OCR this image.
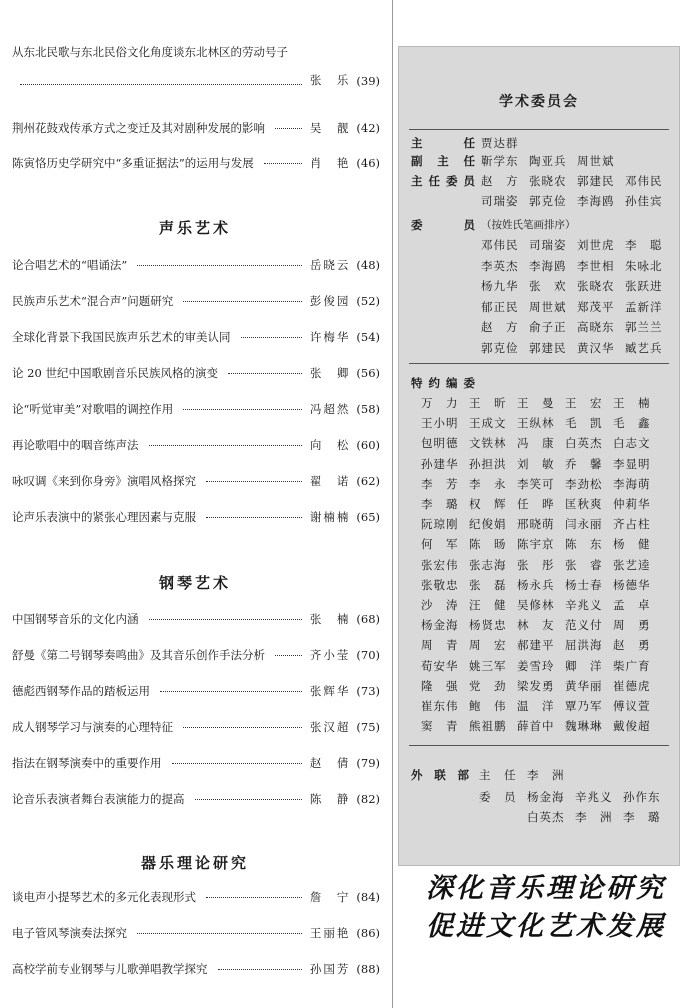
从东北民歌与东北民俗文化角度谈东北林区的劳动号子
张　乐 (39)
荆州花鼓戏传承方式之变迁及其对剧种发展的影响	吴　靓 (42)
陈寅恪历史学研究中“多重证据法”的运用与发展	肖　艳 (46)
声乐艺术
论合唱艺术的“唱诵法”	岳晓云 (48)
民族声乐艺术“混合声”问题研究	彭俊园 (52)
全球化背景下我国民族声乐艺术的审美认同	许梅华 (54)
论 20 世纪中国歌剧音乐民族风格的演变	张　卿 (56)
论“听觉审美”对歌唱的调控作用	冯超然 (58)
再论歌唱中的咽音练声法	向　松 (60)
咏叹调《来到你身旁》演唱风格探究	翟　诺 (62)
论声乐表演中的紧张心理因素与克服	谢楠楠 (65)
钢琴艺术
中国钢琴音乐的文化内涵	张　楠 (68)
舒曼《第二号钢琴奏鸣曲》及其音乐创作手法分析	齐小莹 (70)
德彪西钢琴作品的踏板运用	张辉华 (73)
成人钢琴学习与演奏的心理特征	张汉超 (75)
指法在钢琴演奏中的重要作用	赵　倩 (79)
论音乐表演者舞台表演能力的提高	陈　静 (82)
器乐理论研究
谈电声小提琴艺术的多元化表现形式	詹　宁 (84)
电子管风琴演奏法探究	王丽艳 (86)
高校学前专业钢琴与儿歌弹唱教学探究	孙国芳 (88)
学术委员会
主　　任 贾达群
副 主 任 靳学东 陶亚兵 周世斌
主任委员 赵　方 张晓农 郭建民 邓伟民
司瑞姿 郭克俭 李海鸥 孙佳宾
委　　员 （按姓氏笔画排序）
邓伟民 司瑞姿 刘世虎 李　聪
李英杰 李海鸥 李世相 朱咏北
杨九华 张　欢 张晓农 张跃进
郁正民 周世斌 郑茂平 孟新洋
赵　方 俞子正 高晓东 郭兰兰
郭克俭 郭建民 黄汉华 臧艺兵
特约编委
万　力 王　昕 王　曼 王　宏 王　楠
王小明 王成文 王纵林 毛　凯 毛　鑫
包明德 文铁林 冯　康 白英杰 白志文
孙建华 孙担洪 刘　敏 乔　馨 李显明
李　芳 李　永 李笑可 李劲松 李海萌
李　璐 权　辉 任　晔 匡秋爽 仲莉华
阮琼刚 纪俊娟 邢晓萌 闫永丽 齐占柱
何　军 陈　旸 陈宇京 陈　东 杨　健
张宏伟 张志海 张　彤 张　睿 张艺逵
张敬忠 张　磊 杨永兵 杨士春 杨德华
沙　涛 汪　健 吴修林 辛兆义 孟　卓
杨金海 杨贤忠 林　友 范义付 周　勇
周　青 周　宏 郝建平 屈洪海 赵　勇
荀安华 姚三军 姜雪玲 卿　洋 柴广育
隆　强 党　劲 梁发勇 黄华丽 崔德虎
崔东伟 鲍　伟 温　洋 覃乃军 傅议萱
窦　青 熊祖鹏 薛首中 魏琳琳 戴俊超
外 联 部 主　任 李　洲
委　员 杨金海 辛兆义 孙作东
白英杰 李　洲 李　璐
深化音乐理论研究
促进文化艺术发展
